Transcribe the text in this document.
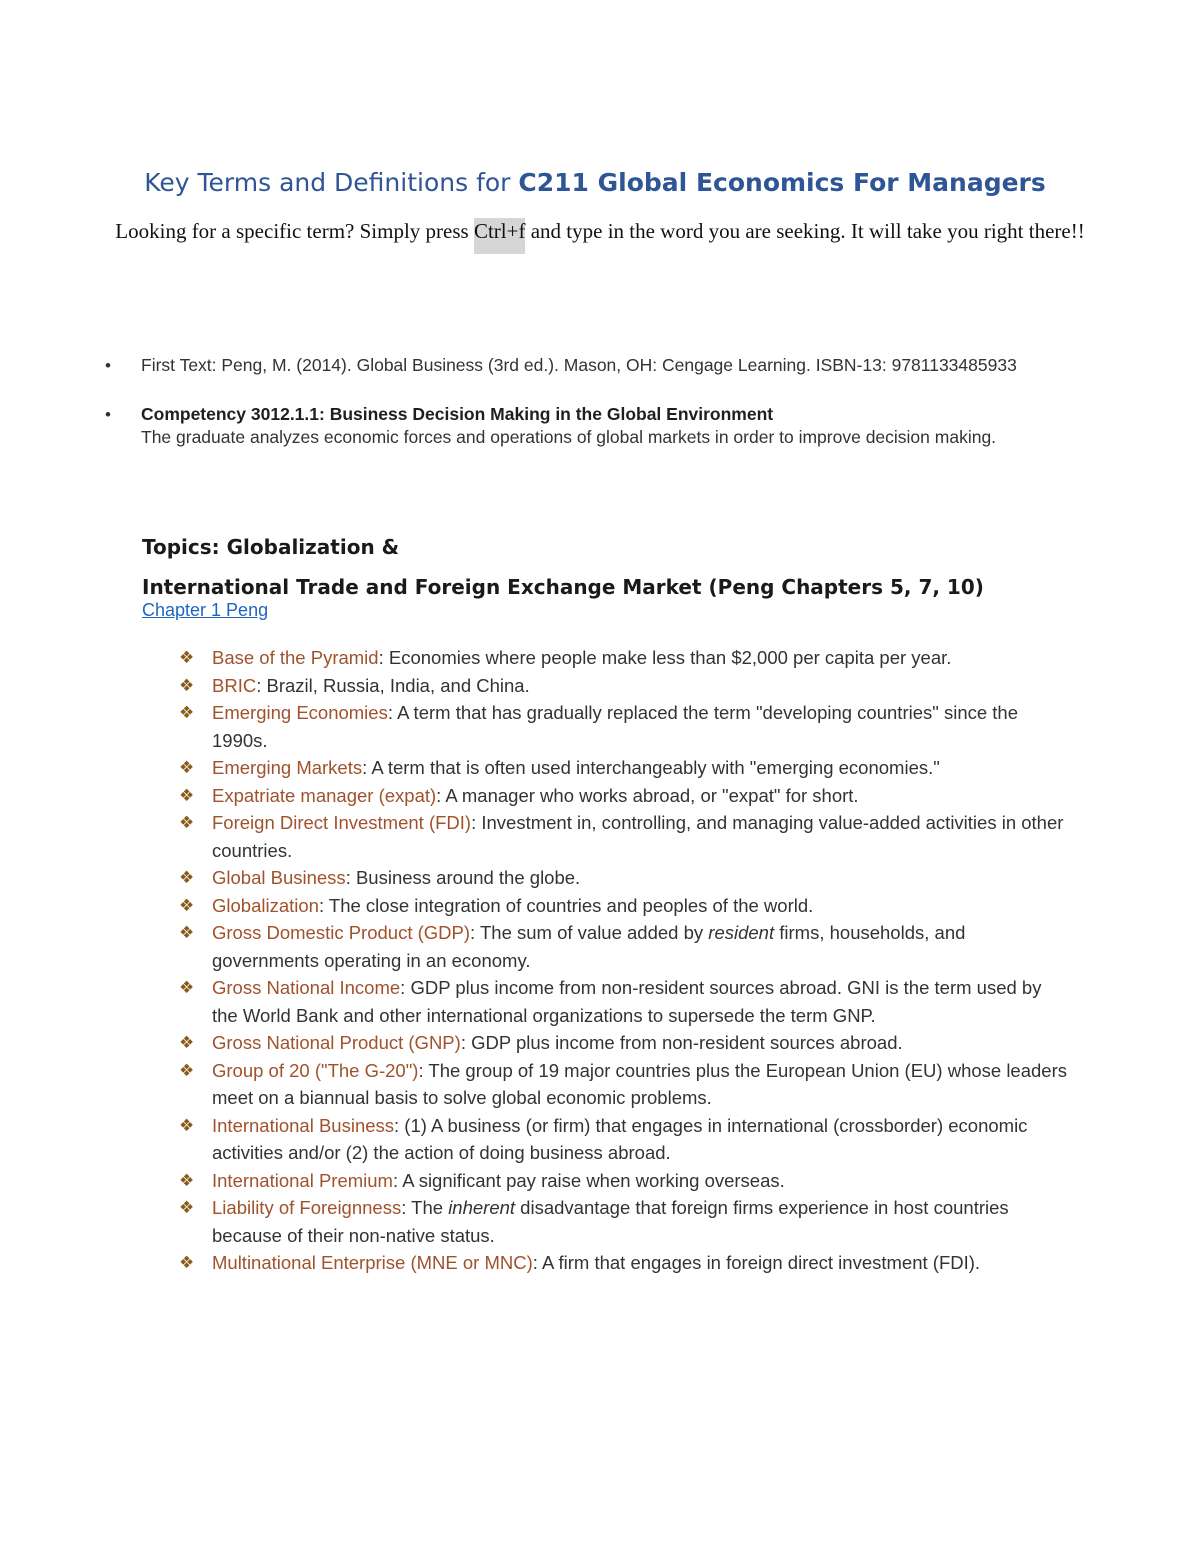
Key Terms and Definitions for C211 Global Economics For Managers
Looking for a specific term? Simply press Ctrl+f and type in the word you are seeking. It will take you right there!!
• First Text: Peng, M. (2014). Global Business (3rd ed.). Mason, OH: Cengage Learning. ISBN-13: 9781133485933
• Competency 3012.1.1: Business Decision Making in the Global Environment
The graduate analyzes economic forces and operations of global markets in order to improve decision making.
Topics: Globalization &
International Trade and Foreign Exchange Market (Peng Chapters 5, 7, 10)
Chapter 1 Peng
❖ Base of the Pyramid: Economies where people make less than $2,000 per capita per year.
❖ BRIC: Brazil, Russia, India, and China.
❖ Emerging Economies: A term that has gradually replaced the term "developing countries" since the 1990s.
❖ Emerging Markets: A term that is often used interchangeably with "emerging economies."
❖ Expatriate manager (expat): A manager who works abroad, or "expat" for short.
❖ Foreign Direct Investment (FDI): Investment in, controlling, and managing value-added activities in other countries.
❖ Global Business: Business around the globe.
❖ Globalization: The close integration of countries and peoples of the world.
❖ Gross Domestic Product (GDP): The sum of value added by resident firms, households, and governments operating in an economy.
❖ Gross National Income: GDP plus income from non-resident sources abroad. GNI is the term used by the World Bank and other international organizations to supersede the term GNP.
❖ Gross National Product (GNP): GDP plus income from non-resident sources abroad.
❖ Group of 20 ("The G-20"): The group of 19 major countries plus the European Union (EU) whose leaders meet on a biannual basis to solve global economic problems.
❖ International Business: (1) A business (or firm) that engages in international (crossborder) economic activities and/or (2) the action of doing business abroad.
❖ International Premium: A significant pay raise when working overseas.
❖ Liability of Foreignness: The inherent disadvantage that foreign firms experience in host countries because of their non-native status.
❖ Multinational Enterprise (MNE or MNC): A firm that engages in foreign direct investment (FDI).
